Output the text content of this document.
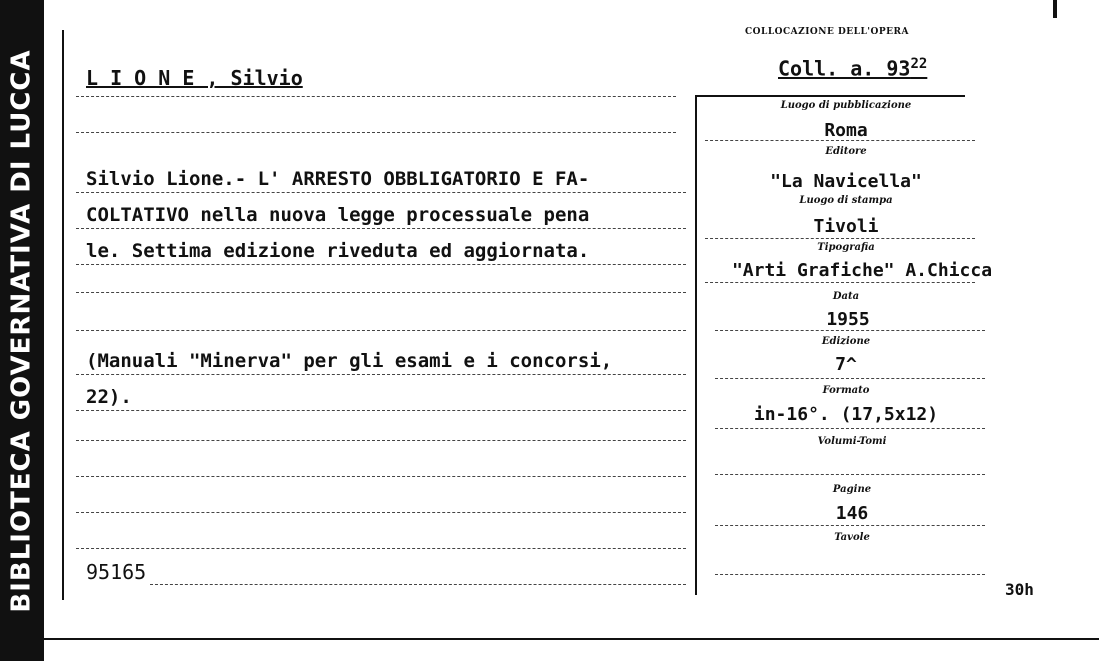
BIBLIOTECA GOVERNATIVA DI LUCCA
COLLOCAZIONE DELL'OPERA
Coll. a. $93^{22}$
L I O N E , Silvio
Silvio Lione.- L' ARRESTO OBBLIGATORIO E FA-
COLTATIVO nella nuova legge processuale pena
le. Settima edizione riveduta ed aggiornata.
(Manuali "Minerva" per gli esami e i concorsi,
22).
95165
30h
Luogo di pubblicazione
Roma
Editore
"La Navicella"
Luogo di stampa
Tivoli
Tipografia
"Arti Grafiche" A.Chicca
Data
1955
Edizione
7^
Formato
in-16°. (17,5x12)
Volumi-Tomi
Pagine
146
Tavole
